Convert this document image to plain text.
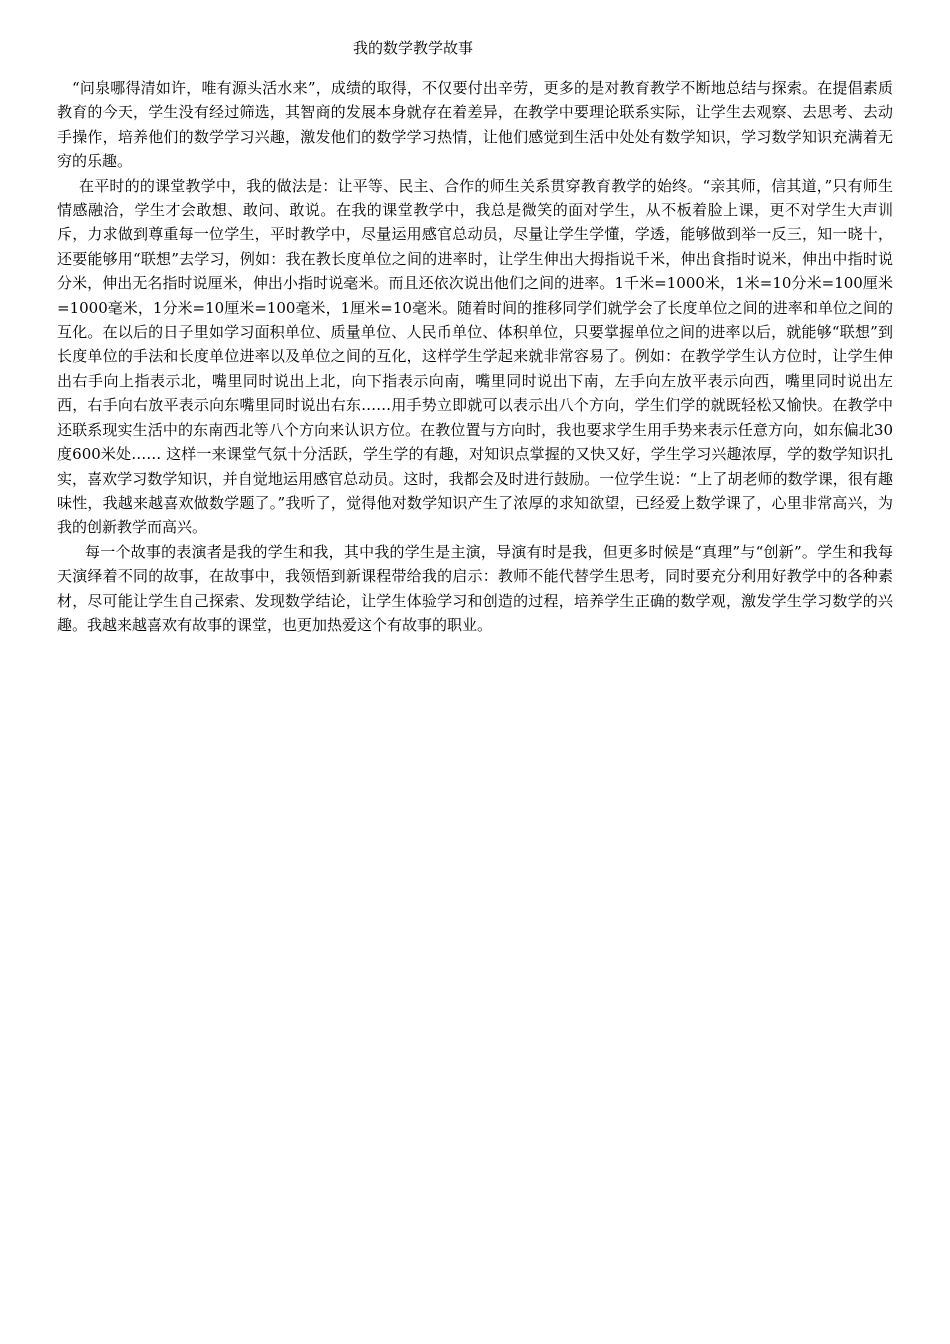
我的数学教学故事

“问泉哪得清如许，唯有源头活水来”，成绩的取得，不仅要付出辛劳，更多的是对教育教学不断地总结与探索。在提倡素质教育的今天，学生没有经过筛选，其智商的发展本身就存在着差异，在教学中要理论联系实际，让学生去观察、去思考、去动手操作，培养他们的数学学习兴趣，激发他们的数学学习热情，让他们感觉到生活中处处有数学知识，学习数学知识充满着无穷的乐趣。

在平时的的课堂教学中，我的做法是：让平等、民主、合作的师生关系贯穿教育教学的始终。“亲其师，信其道，”只有师生情感融洽，学生才会敢想、敢问、敢说。在我的课堂教学中，我总是微笑的面对学生，从不板着脸上课，更不对学生大声训斥，力求做到尊重每一位学生，平时教学中，尽量运用感官总动员，尽量让学生学懂，学透，能够做到举一反三，知一晓十，还要能够用“联想”去学习，例如：我在教长度单位之间的进率时，让学生伸出大拇指说千米，伸出食指时说米，伸出中指时说分米，伸出无名指时说厘米，伸出小指时说毫米。而且还依次说出他们之间的进率。1千米=1000米，1米=10分米=100厘米=1000毫米，1分米=10厘米=100毫米，1厘米=10毫米。随着时间的推移同学们就学会了长度单位之间的进率和单位之间的互化。在以后的日子里如学习面积单位、质量单位、人民币单位、体积单位，只要掌握单位之间的进率以后，就能够“联想”到长度单位的手法和长度单位进率以及单位之间的互化，这样学生学起来就非常容易了。例如：在教学学生认方位时，让学生伸出右手向上指表示北，嘴里同时说出上北，向下指表示向南，嘴里同时说出下南，左手向左放平表示向西，嘴里同时说出左西，右手向右放平表示向东嘴里同时说出右东……用手势立即就可以表示出八个方向，学生们学的就既轻松又愉快。在教学中还联系现实生活中的东南西北等八个方向来认识方位。在教位置与方向时，我也要求学生用手势来表示任意方向，如东偏北30度600米处…… 这样一来课堂气氛十分活跃，学生学的有趣，对知识点掌握的又快又好，学生学习兴趣浓厚，学的数学知识扎实，喜欢学习数学知识，并自觉地运用感官总动员。这时，我都会及时进行鼓励。一位学生说：“上了胡老师的数学课，很有趣味性，我越来越喜欢做数学题了。”我听了，觉得他对数学知识产生了浓厚的求知欲望，已经爱上数学课了，心里非常高兴，为我的创新教学而高兴。

每一个故事的表演者是我的学生和我，其中我的学生是主演，导演有时是我，但更多时候是“真理”与“创新”。学生和我每天演绎着不同的故事，在故事中，我领悟到新课程带给我的启示：教师不能代替学生思考，同时要充分利用好教学中的各种素材，尽可能让学生自己探索、发现数学结论，让学生体验学习和创造的过程，培养学生正确的数学观，激发学生学习数学的兴趣。我越来越喜欢有故事的课堂，也更加热爱这个有故事的职业。
